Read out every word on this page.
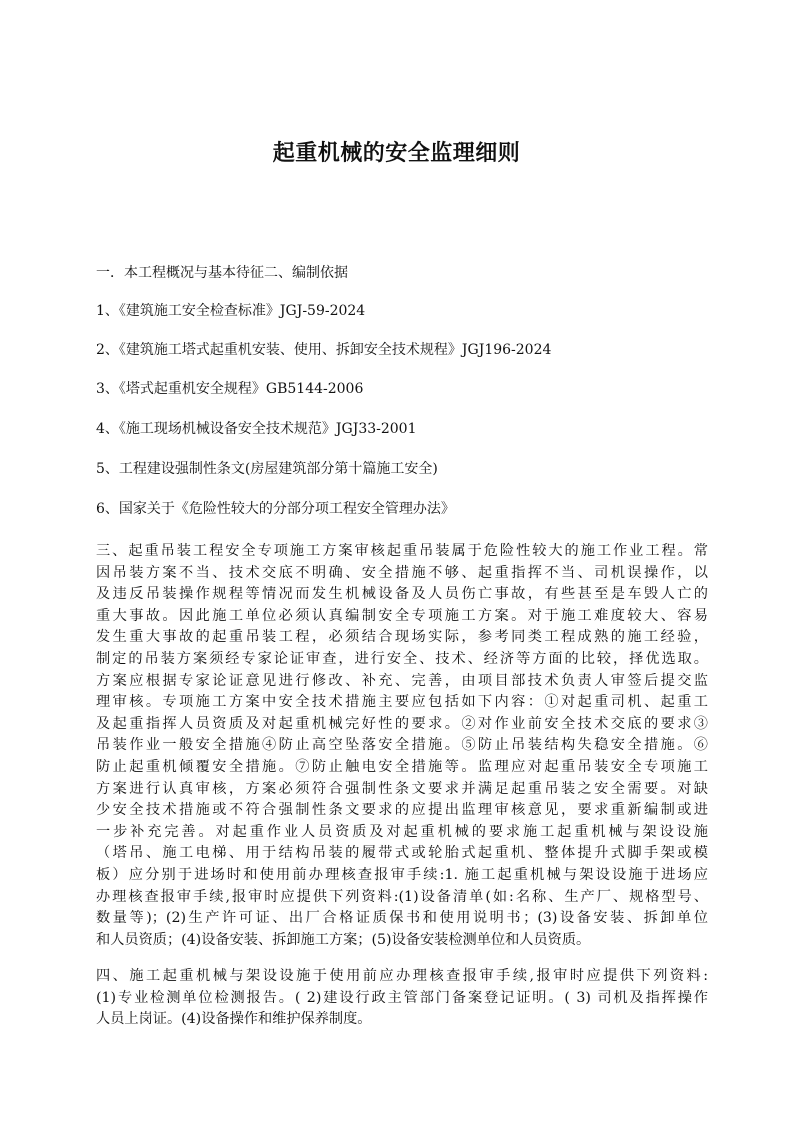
起重机械的安全监理细则
一．本工程概况与基本待征二、编制依据
1、《建筑施工安全检查标准》JGJ-59-2024
2、《建筑施工塔式起重机安装、使用、拆卸安全技术规程》JGJ196-2024
3、《塔式起重机安全规程》GB5144-2006
4、《施工现场机械设备安全技术规范》JGJ33-2001
5、工程建设强制性条文(房屋建筑部分第十篇施工安全)
6、国家关于《危险性较大的分部分项工程安全管理办法》
三、起重吊装工程安全专项施工方案审核起重吊装属于危险性较大的施工作业工程。常
因吊装方案不当、技术交底不明确、安全措施不够、起重指挥不当、司机误操作，以
及违反吊装操作规程等情况而发生机械设备及人员伤亡事故，有些甚至是车毁人亡的
重大事故。因此施工单位必须认真编制安全专项施工方案。对于施工难度较大、容易
发生重大事故的起重吊装工程，必须结合现场实际，参考同类工程成熟的施工经验，
制定的吊装方案须经专家论证审查，进行安全、技术、经济等方面的比较，择优选取。
方案应根据专家论证意见进行修改、补充、完善，由项目部技术负责人审签后提交监
理审核。专项施工方案中安全技术措施主要应包括如下内容：①对起重司机、起重工
及起重指挥人员资质及对起重机械完好性的要求。②对作业前安全技术交底的要求③
吊装作业一般安全措施④防止高空坠落安全措施。⑤防止吊装结构失稳安全措施。⑥
防止起重机倾覆安全措施。⑦防止触电安全措施等。监理应对起重吊装安全专项施工
方案进行认真审核，方案必须符合强制性条文要求并满足起重吊装之安全需要。对缺
少安全技术措施或不符合强制性条文要求的应提出监理审核意见，要求重新编制或进
一步补充完善。对起重作业人员资质及对起重机械的要求施工起重机械与架设设施
（塔吊、施工电梯、用于结构吊装的履带式或轮胎式起重机、整体提升式脚手架或模
板）应分别于进场时和使用前办理核查报审手续:1. 施工起重机械与架设设施于进场应
办理核查报审手续,报审时应提供下列资料:(1)设备清单(如:名称、生产厂、规格型号、
数量等)；(2)生产许可证、出厂合格证质保书和使用说明书；(3)设备安装、拆卸单位
和人员资质；(4)设备安装、拆卸施工方案；(5)设备安装检测单位和人员资质。
四、施工起重机械与架设设施于使用前应办理核查报审手续,报审时应提供下列资料:
(1)专业检测单位检测报告。( 2)建设行政主管部门备案登记证明。( 3) 司机及指挥操作
人员上岗证。(4)设备操作和维护保养制度。
